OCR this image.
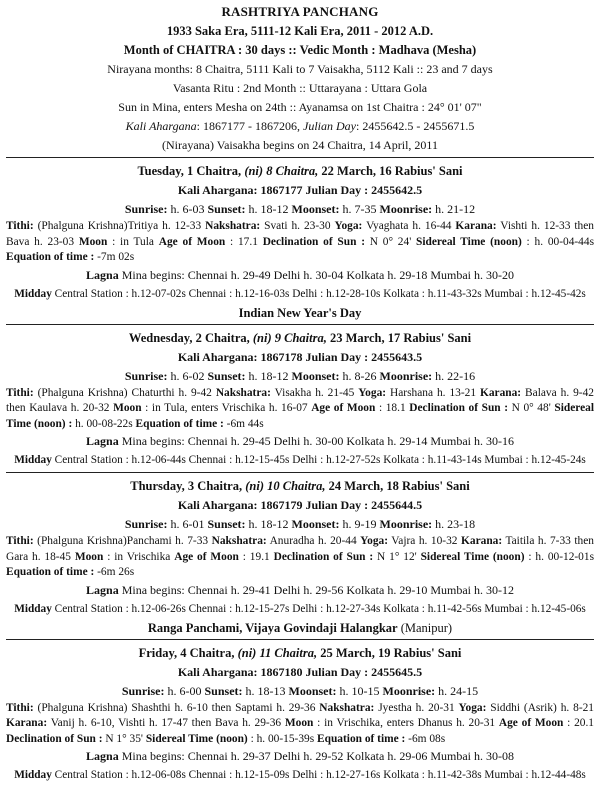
RASHTRIYA PANCHANG
1933 Saka Era, 5111-12 Kali Era, 2011 - 2012 A.D.
Month of CHAITRA : 30 days :: Vedic Month : Madhava (Mesha)
Nirayana months: 8 Chaitra, 5111 Kali to 7 Vaisakha, 5112 Kali :: 23 and 7 days
Vasanta Ritu : 2nd Month :: Uttarayana : Uttara Gola
Sun in Mina, enters Mesha on 24th :: Ayanamsa on 1st Chaitra : 24° 01' 07"
Kali Ahargana: 1867177 - 1867206, Julian Day: 2455642.5 - 2455671.5
(Nirayana) Vaisakha begins on 24 Chaitra, 14 April, 2011
Tuesday, 1 Chaitra, (ni) 8 Chaitra, 22 March, 16 Rabius' Sani
Kali Ahargana: 1867177 Julian Day : 2455642.5
Sunrise: h. 6-03 Sunset: h. 18-12 Moonset: h. 7-35 Moonrise: h. 21-12
Tithi: (Phalguna Krishna)Tritiya h. 12-33 Nakshatra: Svati h. 23-30 Yoga: Vyaghata h. 16-44 Karana: Vishti h. 12-33 then Bava h. 23-03 Moon : in Tula Age of Moon : 17.1 Declination of Sun : N 0° 24' Sidereal Time (noon) : h. 00-04-44s Equation of time : -7m 02s
Lagna Mina begins: Chennai h. 29-49 Delhi h. 30-04 Kolkata h. 29-18 Mumbai h. 30-20
Midday Central Station : h.12-07-02s Chennai : h.12-16-03s Delhi : h.12-28-10s Kolkata : h.11-43-32s Mumbai : h.12-45-42s
Indian New Year's Day
Wednesday, 2 Chaitra, (ni) 9 Chaitra, 23 March, 17 Rabius' Sani
Kali Ahargana: 1867178 Julian Day : 2455643.5
Sunrise: h. 6-02 Sunset: h. 18-12 Moonset: h. 8-26 Moonrise: h. 22-16
Tithi: (Phalguna Krishna) Chaturthi h. 9-42 Nakshatra: Visakha h. 21-45 Yoga: Harshana h. 13-21 Karana: Balava h. 9-42 then Kaulava h. 20-32 Moon : in Tula, enters Vrischika h. 16-07 Age of Moon : 18.1 Declination of Sun : N 0° 48' Sidereal Time (noon) : h. 00-08-22s Equation of time : -6m 44s
Lagna Mina begins: Chennai h. 29-45 Delhi h. 30-00 Kolkata h. 29-14 Mumbai h. 30-16
Midday Central Station : h.12-06-44s Chennai : h.12-15-45s Delhi : h.12-27-52s Kolkata : h.11-43-14s Mumbai : h.12-45-24s
Thursday, 3 Chaitra, (ni) 10 Chaitra, 24 March, 18 Rabius' Sani
Kali Ahargana: 1867179 Julian Day : 2455644.5
Sunrise: h. 6-01 Sunset: h. 18-12 Moonset: h. 9-19 Moonrise: h. 23-18
Tithi: (Phalguna Krishna)Panchami h. 7-33 Nakshatra: Anuradha h. 20-44 Yoga: Vajra h. 10-32 Karana: Taitila h. 7-33 then Gara h. 18-45 Moon : in Vrischika Age of Moon : 19.1 Declination of Sun : N 1° 12' Sidereal Time (noon) : h. 00-12-01s Equation of time : -6m 26s
Lagna Mina begins: Chennai h. 29-41 Delhi h. 29-56 Kolkata h. 29-10 Mumbai h. 30-12
Midday Central Station : h.12-06-26s Chennai : h.12-15-27s Delhi : h.12-27-34s Kolkata : h.11-42-56s Mumbai : h.12-45-06s
Ranga Panchami, Vijaya Govindaji Halangkar (Manipur)
Friday, 4 Chaitra, (ni) 11 Chaitra, 25 March, 19 Rabius' Sani
Kali Ahargana: 1867180 Julian Day : 2455645.5
Sunrise: h. 6-00 Sunset: h. 18-13 Moonset: h. 10-15 Moonrise: h. 24-15
Tithi: (Phalguna Krishna) Shashthi h. 6-10 then Saptami h. 29-36 Nakshatra: Jyestha h. 20-31 Yoga: Siddhi (Asrik) h. 8-21 Karana: Vanij h. 6-10, Vishti h. 17-47 then Bava h. 29-36 Moon : in Vrischika, enters Dhanus h. 20-31 Age of Moon : 20.1 Declination of Sun : N 1° 35' Sidereal Time (noon) : h. 00-15-39s Equation of time : -6m 08s
Lagna Mina begins: Chennai h. 29-37 Delhi h. 29-52 Kolkata h. 29-06 Mumbai h. 30-08
Midday Central Station : h.12-06-08s Chennai : h.12-15-09s Delhi : h.12-27-16s Kolkata : h.11-42-38s Mumbai : h.12-44-48s
